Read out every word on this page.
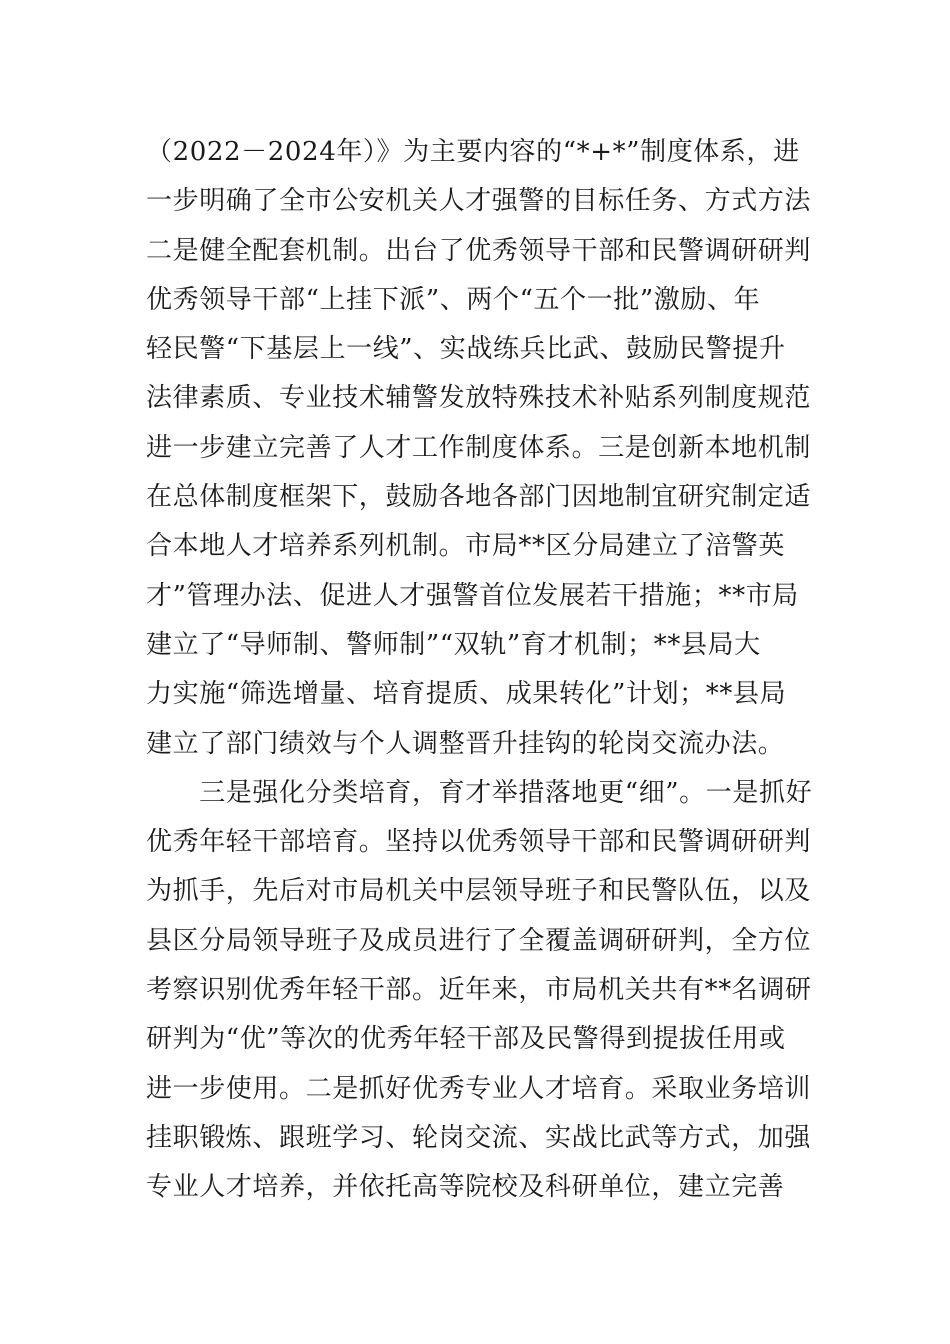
（2022－2024年）》为主要内容的“*+*”制度体系，进
一步明确了全市公安机关人才强警的目标任务、方式方法
二是健全配套机制。出台了优秀领导干部和民警调研研判
优秀领导干部“上挂下派”、两个“五个一批”激励、年
轻民警“下基层上一线”、实战练兵比武、鼓励民警提升
法律素质、专业技术辅警发放特殊技术补贴系列制度规范
进一步建立完善了人才工作制度体系。三是创新本地机制
在总体制度框架下，鼓励各地各部门因地制宜研究制定适
合本地人才培养系列机制。市局**区分局建立了涪警英
才”管理办法、促进人才强警首位发展若干措施；**市局
建立了“导师制、警师制”“双轨”育才机制；**县局大
力实施“筛选增量、培育提质、成果转化”计划；**县局
建立了部门绩效与个人调整晋升挂钩的轮岗交流办法。
　　三是强化分类培育，育才举措落地更“细”。一是抓好
优秀年轻干部培育。坚持以优秀领导干部和民警调研研判
为抓手，先后对市局机关中层领导班子和民警队伍，以及
县区分局领导班子及成员进行了全覆盖调研研判，全方位
考察识别优秀年轻干部。近年来，市局机关共有**名调研
研判为“优”等次的优秀年轻干部及民警得到提拔任用或
进一步使用。二是抓好优秀专业人才培育。采取业务培训
挂职锻炼、跟班学习、轮岗交流、实战比武等方式，加强
专业人才培养，并依托高等院校及科研单位，建立完善
